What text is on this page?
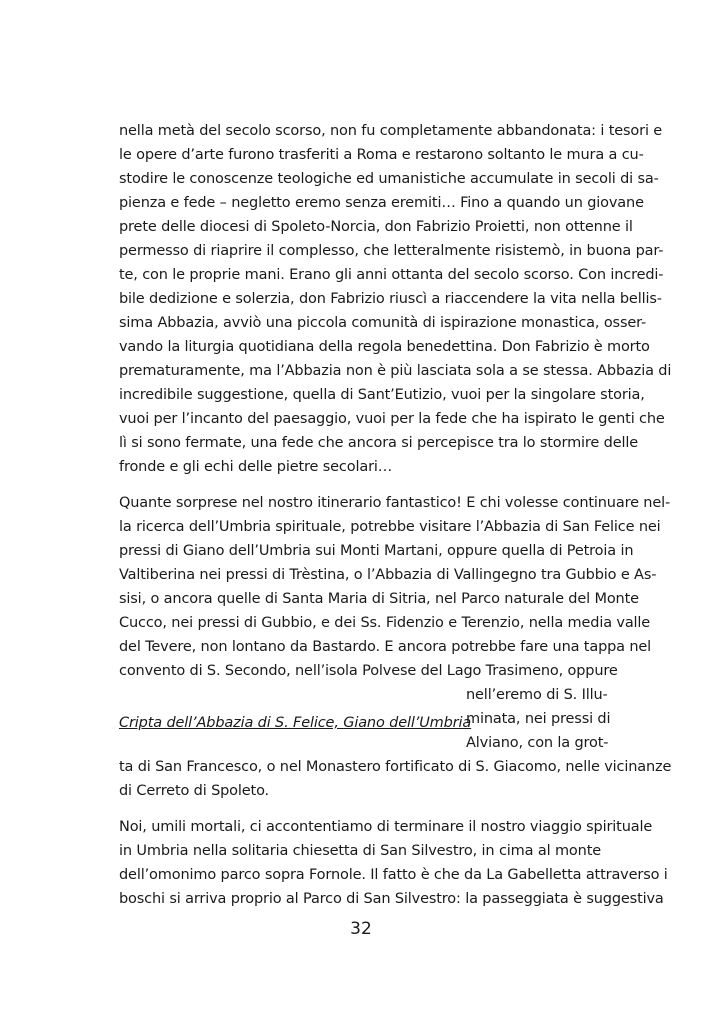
nella metà del secolo scorso, non fu completamente abbandonata: i tesori e
le opere d’arte furono trasferiti a Roma e restarono soltanto le mura a cu-
stodire le conoscenze teologiche ed umanistiche accumulate in secoli di sa-
pienza e fede – negletto eremo senza eremiti… Fino a quando un giovane
prete delle diocesi di Spoleto-Norcia, don Fabrizio Proietti, non ottenne il
permesso di riaprire il complesso, che letteralmente risistemò, in buona par-
te, con le proprie mani. Erano gli anni ottanta del secolo scorso. Con incredi-
bile dedizione e solerzia, don Fabrizio riuscì a riaccendere la vita nella bellis-
sima Abbazia, avviò una piccola comunità di ispirazione monastica, osser-
vando la liturgia quotidiana della regola benedettina. Don Fabrizio è morto
prematuramente, ma l’Abbazia non è più lasciata sola a se stessa. Abbazia di
incredibile suggestione, quella di Sant’Eutizio, vuoi per la singolare storia,
vuoi per l’incanto del paesaggio, vuoi per la fede che ha ispirato le genti che
lì si sono fermate, una fede che ancora si percepisce tra lo stormire delle
fronde e gli echi delle pietre secolari…
Quante sorprese nel nostro itinerario fantastico! E chi volesse continuare nel-
la ricerca dell’Umbria spirituale, potrebbe visitare l’Abbazia di San Felice nei
pressi di Giano dell’Umbria sui Monti Martani, oppure quella di Petroia in
Valtiberina nei pressi di Trèstina, o l’Abbazia di Vallingegno tra Gubbio e As-
sisi, o ancora quelle di Santa Maria di Sitria, nel Parco naturale del Monte
Cucco, nei pressi di Gubbio, e dei Ss. Fidenzio e Terenzio, nella media valle
del Tevere, non lontano da Bastardo. E ancora potrebbe fare una tappa nel
convento di S. Secondo, nell’isola Polvese del Lago Trasimeno, oppure
nell’eremo di S. Illu-
minata, nei pressi di
Alviano, con la grot-
Cripta dell’Abbazia di S. Felice, Giano dell’Umbria
ta di San Francesco, o nel Monastero fortificato di S. Giacomo, nelle vicinanze
di Cerreto di Spoleto.
Noi, umili mortali, ci accontentiamo di terminare il nostro viaggio spirituale
in Umbria nella solitaria chiesetta di San Silvestro, in cima al monte
dell’omonimo parco sopra Fornole. Il fatto è che da La Gabelletta attraverso i
boschi si arriva proprio al Parco di San Silvestro: la passeggiata è suggestiva
32
